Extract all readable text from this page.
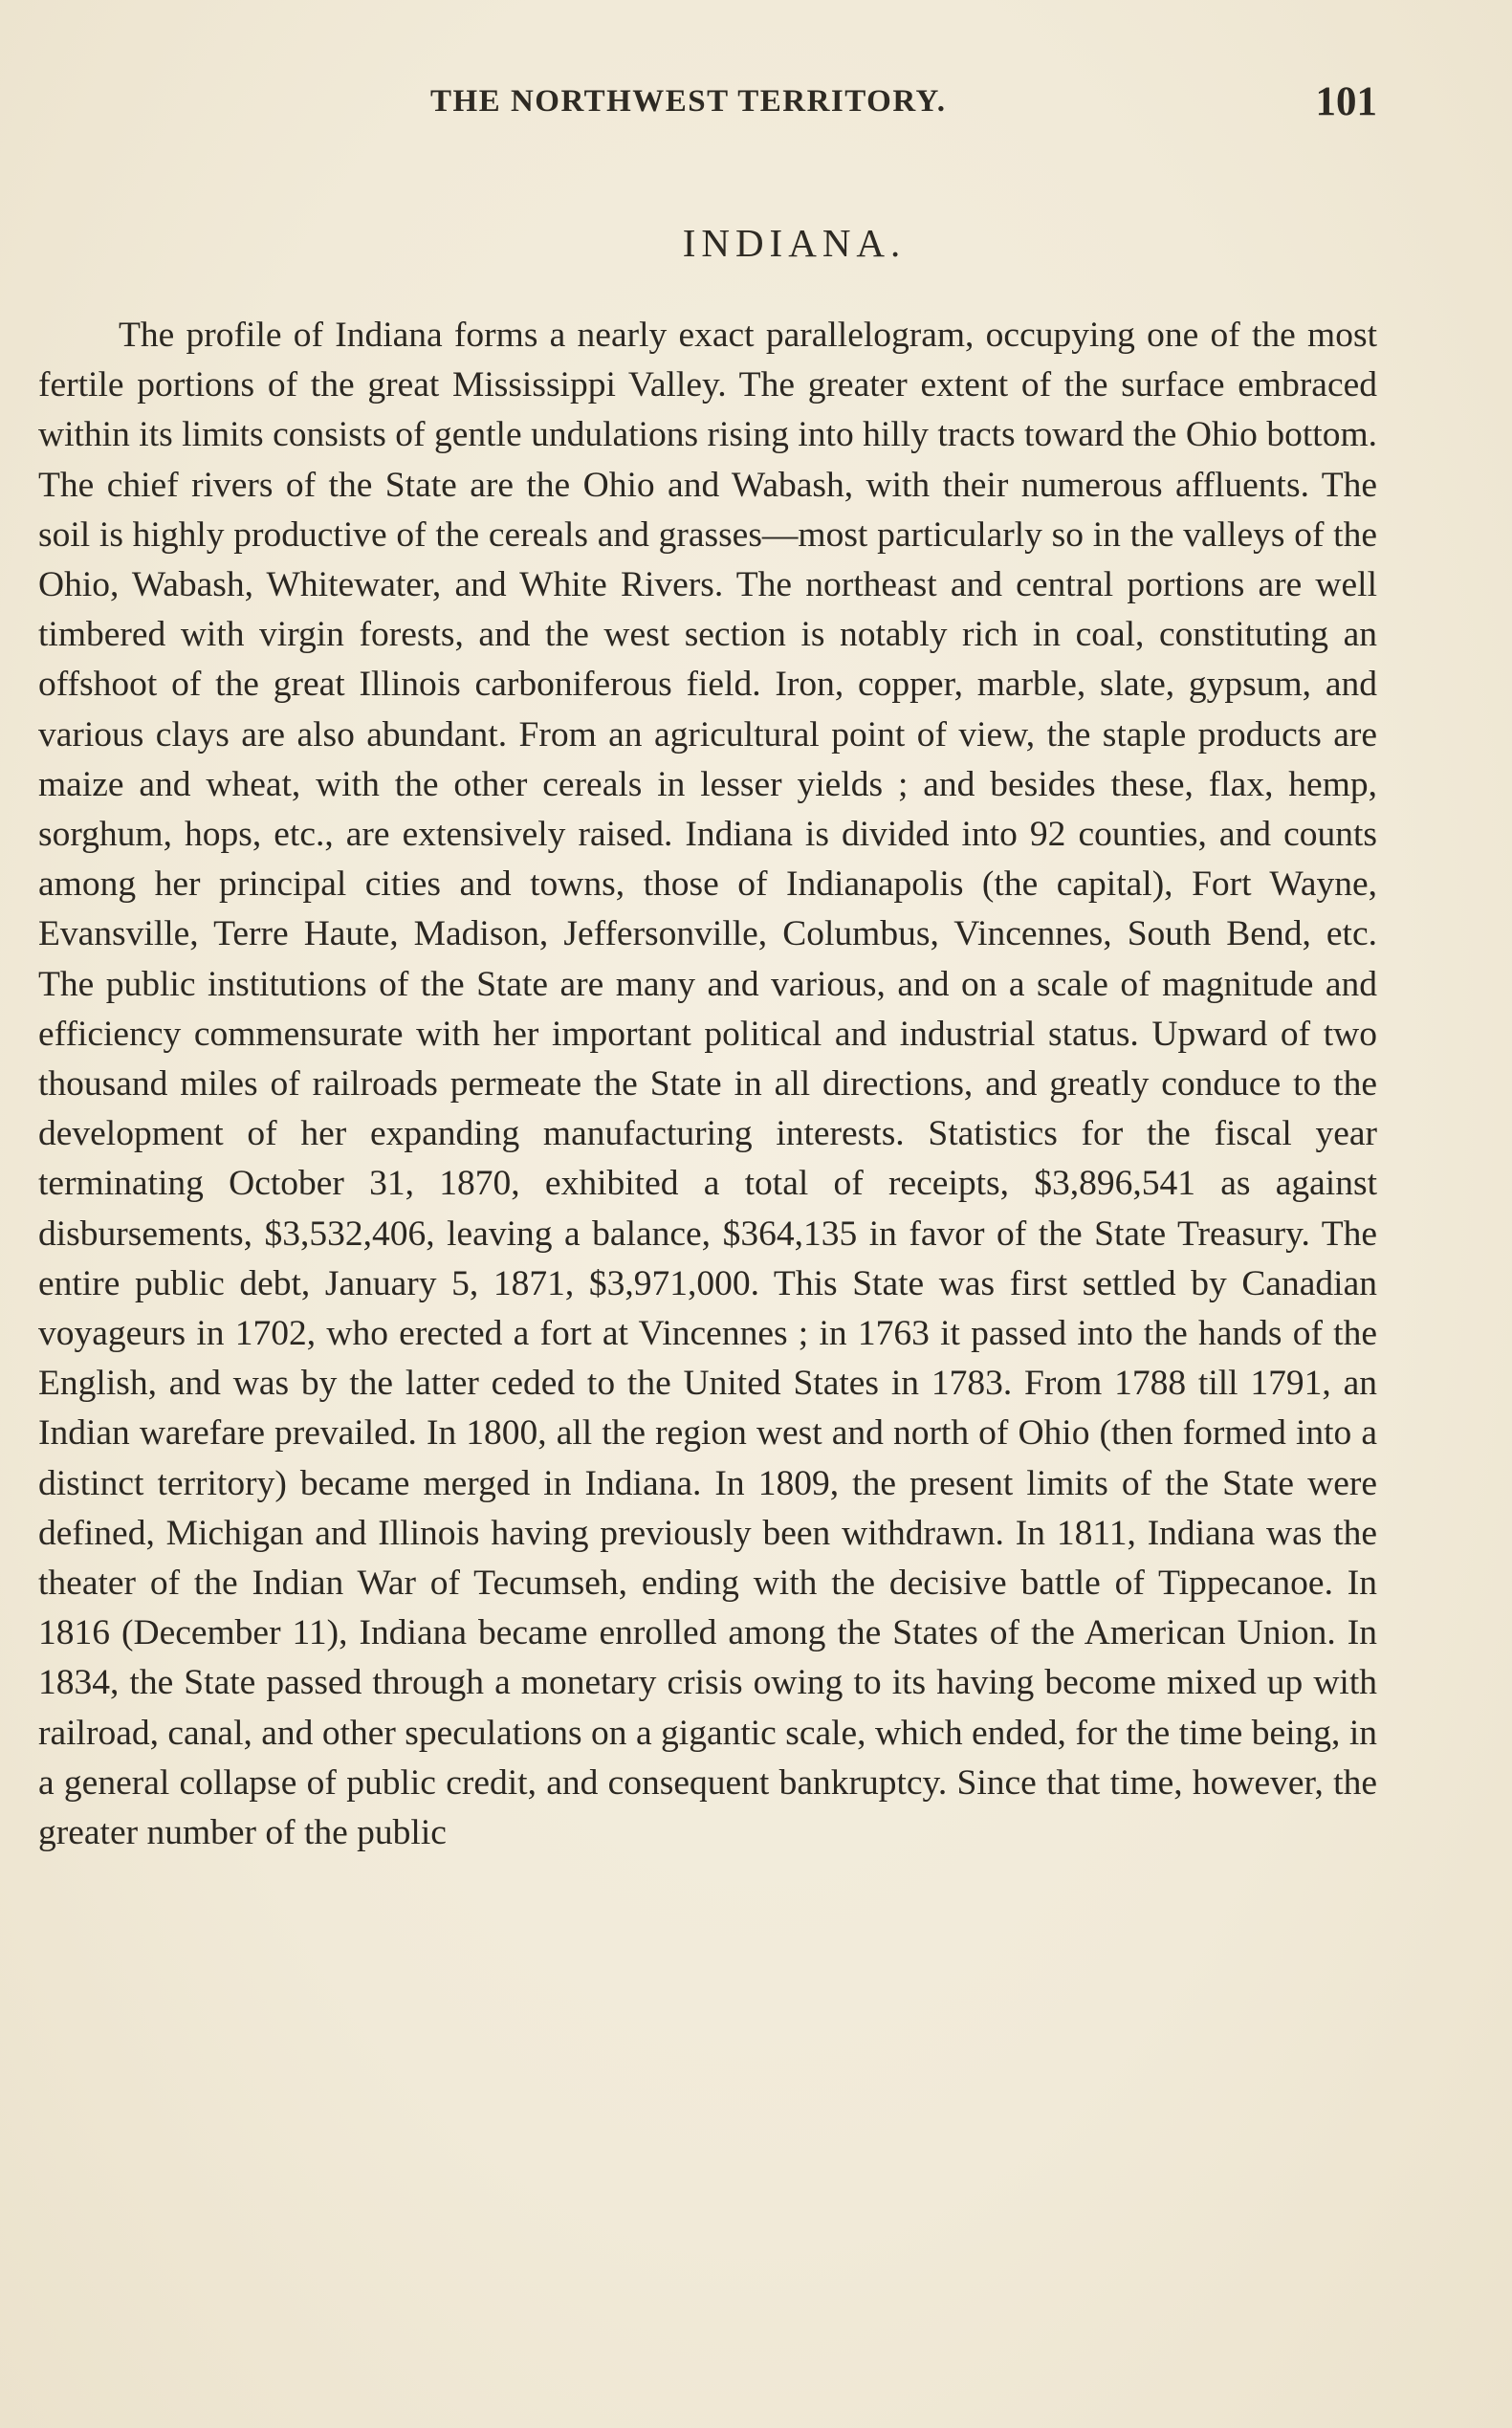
THE NORTHWEST TERRITORY.	101
INDIANA.

The profile of Indiana forms a nearly exact parallelogram, occupying one of the most fertile portions of the great Mississippi Valley. The greater extent of the surface embraced within its limits consists of gentle undulations rising into hilly tracts toward the Ohio bottom. The chief rivers of the State are the Ohio and Wabash, with their numerous affluents. The soil is highly productive of the cereals and grasses—most particularly so in the valleys of the Ohio, Wabash, Whitewater, and White Rivers. The northeast and central portions are well timbered with virgin forests, and the west section is notably rich in coal, constituting an offshoot of the great Illinois carboniferous field. Iron, copper, marble, slate, gypsum, and various clays are also abundant. From an agricultural point of view, the staple products are maize and wheat, with the other cereals in lesser yields ; and besides these, flax, hemp, sorghum, hops, etc., are extensively raised. Indiana is divided into 92 counties, and counts among her principal cities and towns, those of Indianapolis (the capital), Fort Wayne, Evansville, Terre Haute, Madison, Jeffersonville, Columbus, Vincennes, South Bend, etc. The public institutions of the State are many and various, and on a scale of magnitude and efficiency commensurate with her important political and industrial status. Upward of two thousand miles of railroads permeate the State in all directions, and greatly conduce to the development of her expanding manufacturing interests. Statistics for the fiscal year terminating October 31, 1870, exhibited a total of receipts, $3,896,541 as against disbursements, $3,532,406, leaving a balance, $364,135 in favor of the State Treasury. The entire public debt, January 5, 1871, $3,971,000. This State was first settled by Canadian voyageurs in 1702, who erected a fort at Vincennes ; in 1763 it passed into the hands of the English, and was by the latter ceded to the United States in 1783. From 1788 till 1791, an Indian warefare prevailed. In 1800, all the region west and north of Ohio (then formed into a distinct territory) became merged in Indiana. In 1809, the present limits of the State were defined, Michigan and Illinois having previously been withdrawn. In 1811, Indiana was the theater of the Indian War of Tecumseh, ending with the decisive battle of Tippecanoe. In 1816 (December 11), Indiana became enrolled among the States of the American Union. In 1834, the State passed through a monetary crisis owing to its having become mixed up with railroad, canal, and other speculations on a gigantic scale, which ended, for the time being, in a general collapse of public credit, and consequent bankruptcy. Since that time, however, the greater number of the public
